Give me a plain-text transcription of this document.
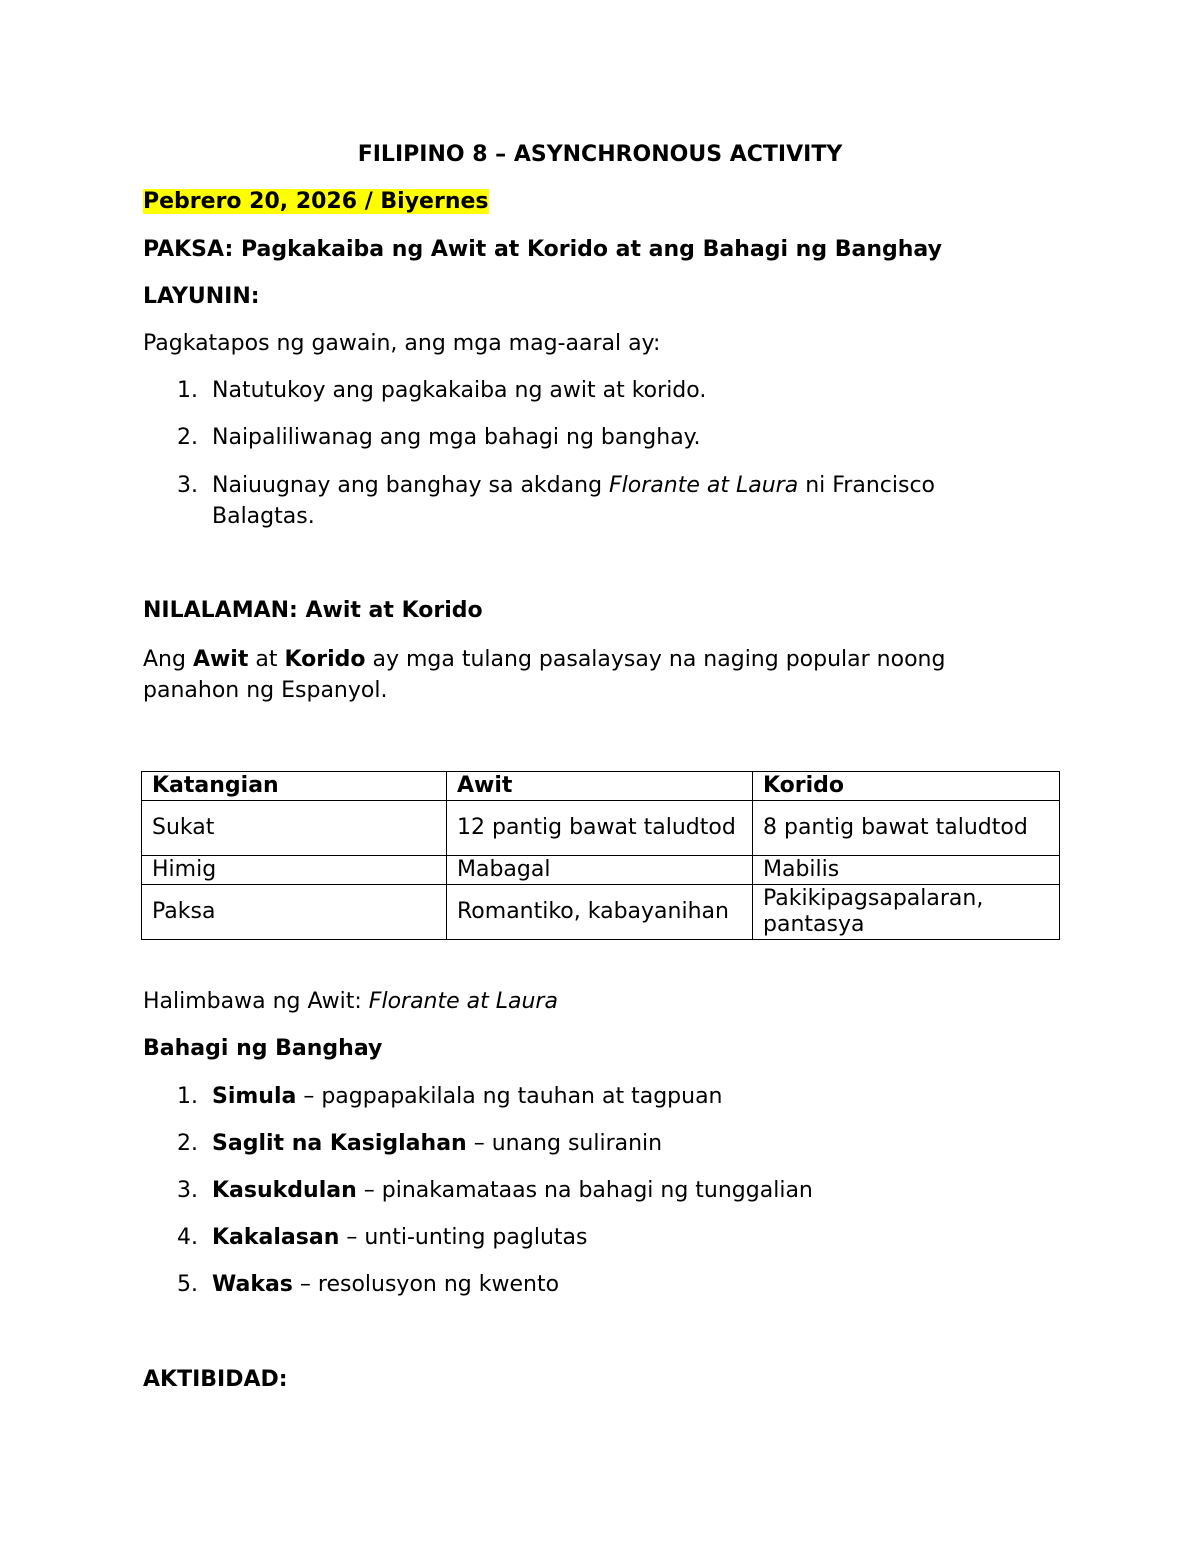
FILIPINO 8 – ASYNCHRONOUS ACTIVITY
Pebrero 20, 2026 / Biyernes
PAKSA: Pagkakaiba ng Awit at Korido at ang Bahagi ng Banghay
LAYUNIN:
Pagkatapos ng gawain, ang mga mag-aaral ay:
1. Natutukoy ang pagkakaiba ng awit at korido.
2. Naipaliliwanag ang mga bahagi ng banghay.
3. Naiuugnay ang banghay sa akdang Florante at Laura ni Francisco
Balagtas.
NILALAMAN: Awit at Korido
Ang Awit at Korido ay mga tulang pasalaysay na naging popular noong
panahon ng Espanyol.
Katangian	Awit	Korido
Sukat	12 pantig bawat taludtod	8 pantig bawat taludtod
Himig	Mabagal	Mabilis
Paksa	Romantiko, kabayanihan	Pakikipagsapalaran, pantasya
Halimbawa ng Awit: Florante at Laura
Bahagi ng Banghay
1. Simula – pagpapakilala ng tauhan at tagpuan
2. Saglit na Kasiglahan – unang suliranin
3. Kasukdulan – pinakamataas na bahagi ng tunggalian
4. Kakalasan – unti-unting paglutas
5. Wakas – resolusyon ng kwento
AKTIBIDAD:
